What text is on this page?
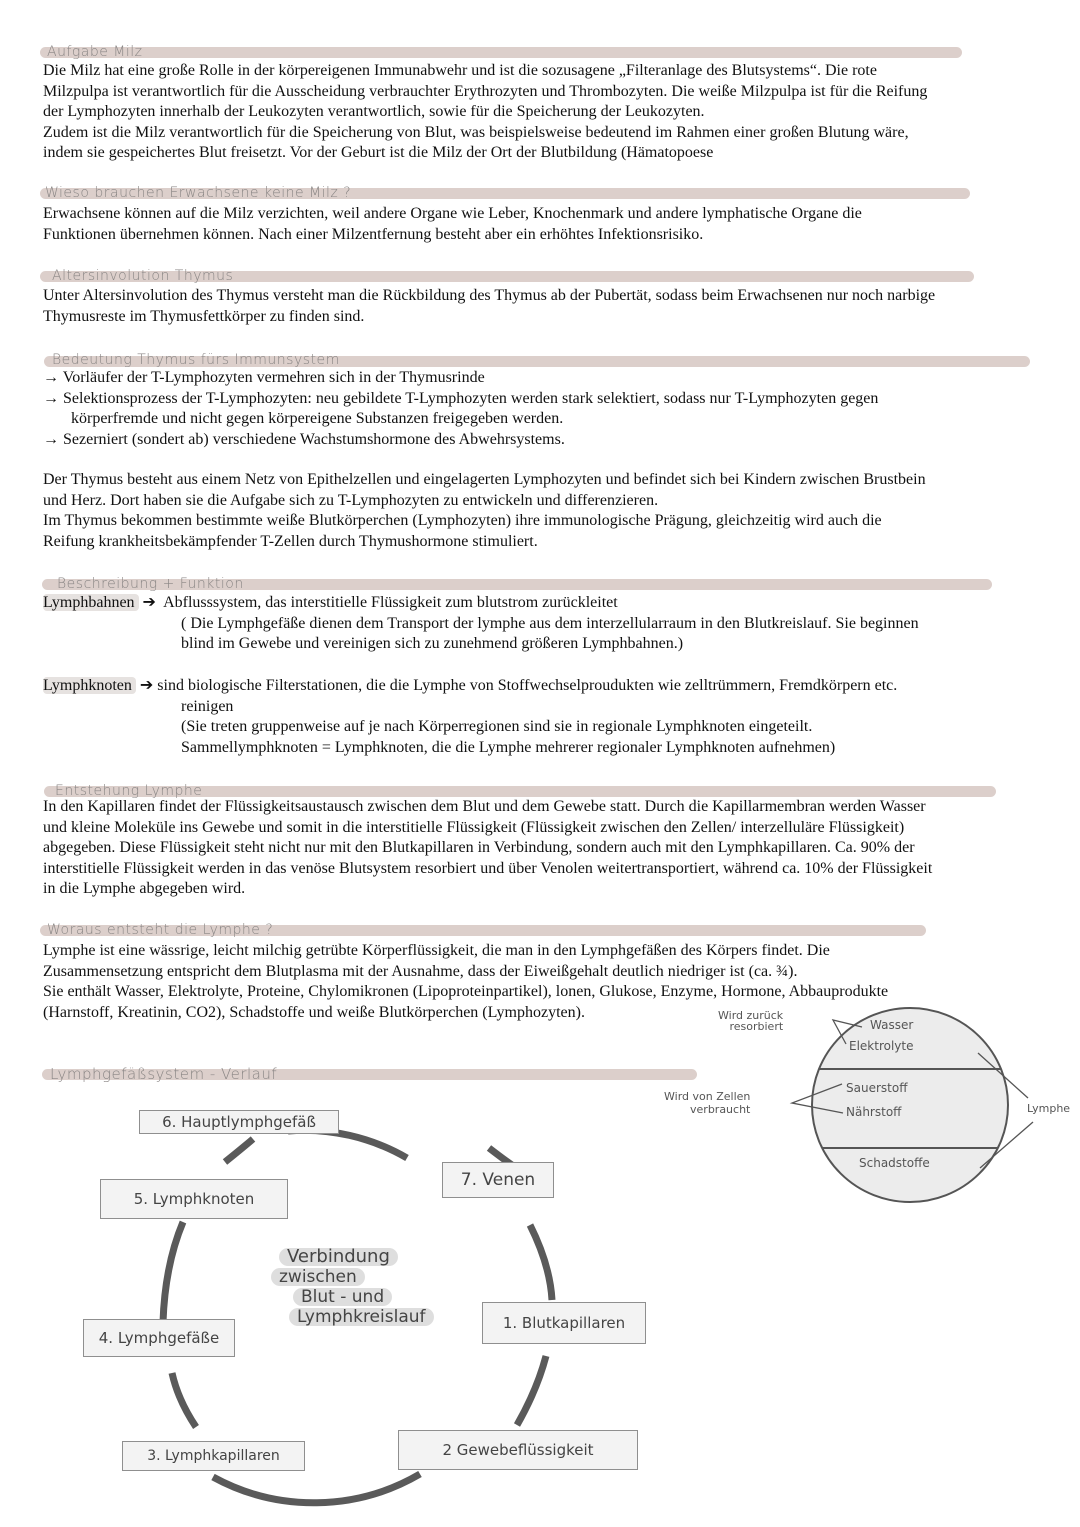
Aufgabe Milz

Die Milz hat eine große Rolle in der körpereigenen Immunabwehr und ist die sozusagene „Filteranlage des Blutsystems“. Die rote

Milzpulpa ist verantwortlich für die Ausscheidung verbrauchter Erythrozyten und Thrombozyten. Die weiße Milzpulpa ist für die Reifung

der Lymphozyten innerhalb der Leukozyten verantwortlich, sowie für die Speicherung der Leukozyten.

Zudem ist die Milz verantwortlich für die Speicherung von Blut, was beispielsweise bedeutend im Rahmen einer großen Blutung wäre,

indem sie gespeichertes Blut freisetzt. Vor der Geburt ist die Milz der Ort der Blutbildung (Hämatopoese

Wieso brauchen Erwachsene keine Milz ?

Erwachsene können auf die Milz verzichten, weil andere Organe wie Leber, Knochenmark und andere lymphatische Organe die

Funktionen übernehmen können. Nach einer Milzentfernung besteht aber ein erhöhtes Infektionsrisiko.

Altersinvolution Thymus

Unter Altersinvolution des Thymus versteht man die Rückbildung des Thymus ab der Pubertät, sodass beim Erwachsenen nur noch narbige

Thymusreste im Thymusfettkörper zu finden sind.

Bedeutung Thymus fürs Immunsystem

→ Vorläufer der T-Lymphozyten vermehren sich in der Thymusrinde

→ Selektionsprozess der T-Lymphozyten: neu gebildete T-Lymphozyten werden stark selektiert, sodass nur T-Lymphozyten gegen

körperfremde und nicht gegen körpereigene Substanzen freigegeben werden.

→ Sezerniert (sondert ab) verschiedene Wachstumshormone des Abwehrsystems.

Der Thymus besteht aus einem Netz von Epithelzellen und eingelagerten Lymphozyten und befindet sich bei Kindern zwischen Brustbein

und Herz. Dort haben sie die Aufgabe sich zu T-Lymphozyten zu entwickeln und differenzieren.

Im Thymus bekommen bestimmte weiße Blutkörperchen (Lymphozyten) ihre immunologische Prägung, gleichzeitig wird auch die

Reifung krankheitsbekämpfender T-Zellen durch Thymushormone stimuliert.

Beschreibung + Funktion

Lymphbahnen ➔ Abflusssystem, das interstitielle Flüssigkeit zum blutstrom zurückleitet

( Die Lymphgefäße dienen dem Transport der lymphe aus dem interzellularraum in den Blutkreislauf. Sie beginnen

blind im Gewebe und vereinigen sich zu zunehmend größeren Lymphbahnen.)

Lymphknoten ➔ sind biologische Filterstationen, die die Lymphe von Stoffwechselproudukten wie zelltrümmern, Fremdkörpern etc.

reinigen

(Sie treten gruppenweise auf je nach Körperregionen sind sie in regionale Lymphknoten eingeteilt.

Sammellymphknoten = Lymphknoten, die die Lymphe mehrerer regionaler Lymphknoten aufnehmen)

Entstehung Lymphe

In den Kapillaren findet der Flüssigkeitsaustausch zwischen dem Blut und dem Gewebe statt. Durch die Kapillarmembran werden Wasser

und kleine Moleküle ins Gewebe und somit in die interstitielle Flüssigkeit (Flüssigkeit zwischen den Zellen/ interzelluläre Flüssigkeit)

abgegeben. Diese Flüssigkeit steht nicht nur mit den Blutkapillaren in Verbindung, sondern auch mit den Lymphkapillaren. Ca. 90% der

interstitielle Flüssigkeit werden in das venöse Blutsystem resorbiert und über Venolen weitertransportiert, während ca. 10% der Flüssigkeit

in die Lymphe abgegeben wird.

Woraus entsteht die Lymphe ?

Lymphe ist eine wässrige, leicht milchig getrübte Körperflüssigkeit, die man in den Lymphgefäßen des Körpers findet. Die

Zusammensetzung entspricht dem Blutplasma mit der Ausnahme, dass der Eiweißgehalt deutlich niedriger ist (ca. ¾).

Sie enthält Wasser, Elektrolyte, Proteine, Chylomikronen (Lipoproteinpartikel), lonen, Glukose, Enzyme, Hormone, Abbauprodukte

(Harnstoff, Kreatinin, CO2), Schadstoffe und weiße Blutkörperchen (Lymphozyten).

Wasser
Elektrolyte
Sauerstoff
Nährstoff
Schadstoffe
Wird zurück
resorbiert
Wird von Zellen
verbraucht	Lymphe
Lymphgefäßsystem - Verlauf
6. Hauptlymphgefäß
7. Venen
5. Lymphknoten
1. Blutkapillaren
4. Lymphgefäße
3. Lymphkapillaren	2 Gewebeflüssigkeit
Verbindung
zwischen
Blut - und
Lymphkreislauf
